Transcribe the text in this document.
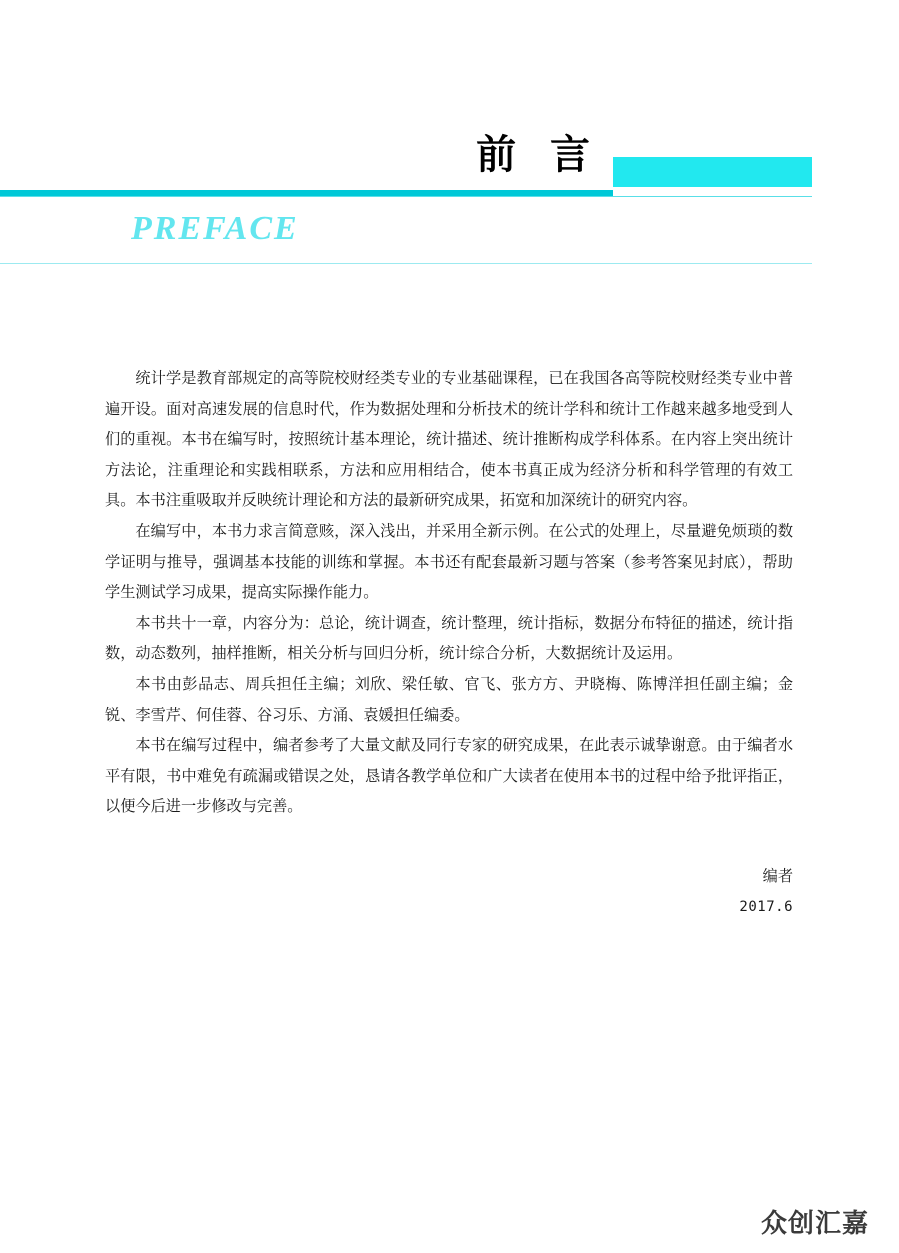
前 言
PREFACE

统计学是教育部规定的高等院校财经类专业的专业基础课程，已在我国各高等院校财经类专业中普遍开设。面对高速发展的信息时代，作为数据处理和分析技术的统计学科和统计工作越来越多地受到人们的重视。本书在编写时，按照统计基本理论，统计描述、统计推断构成学科体系。在内容上突出统计方法论，注重理论和实践相联系，方法和应用相结合，使本书真正成为经济分析和科学管理的有效工具。本书注重吸取并反映统计理论和方法的最新研究成果，拓宽和加深统计的研究内容。

在编写中，本书力求言简意赅，深入浅出，并采用全新示例。在公式的处理上，尽量避免烦琐的数学证明与推导，强调基本技能的训练和掌握。本书还有配套最新习题与答案（参考答案见封底），帮助学生测试学习成果，提高实际操作能力。

本书共十一章，内容分为：总论，统计调查，统计整理，统计指标，数据分布特征的描述，统计指数，动态数列，抽样推断，相关分析与回归分析，统计综合分析，大数据统计及运用。

本书由彭品志、周兵担任主编；刘欣、梁任敏、官飞、张方方、尹晓梅、陈博洋担任副主编；金锐、李雪芹、何佳蓉、谷习乐、方涌、袁媛担任编委。

本书在编写过程中，编者参考了大量文献及同行专家的研究成果，在此表示诚挚谢意。由于编者水平有限，书中难免有疏漏或错误之处，恳请各教学单位和广大读者在使用本书的过程中给予批评指正，以便今后进一步修改与完善。

编者
2017.6
众创汇嘉
